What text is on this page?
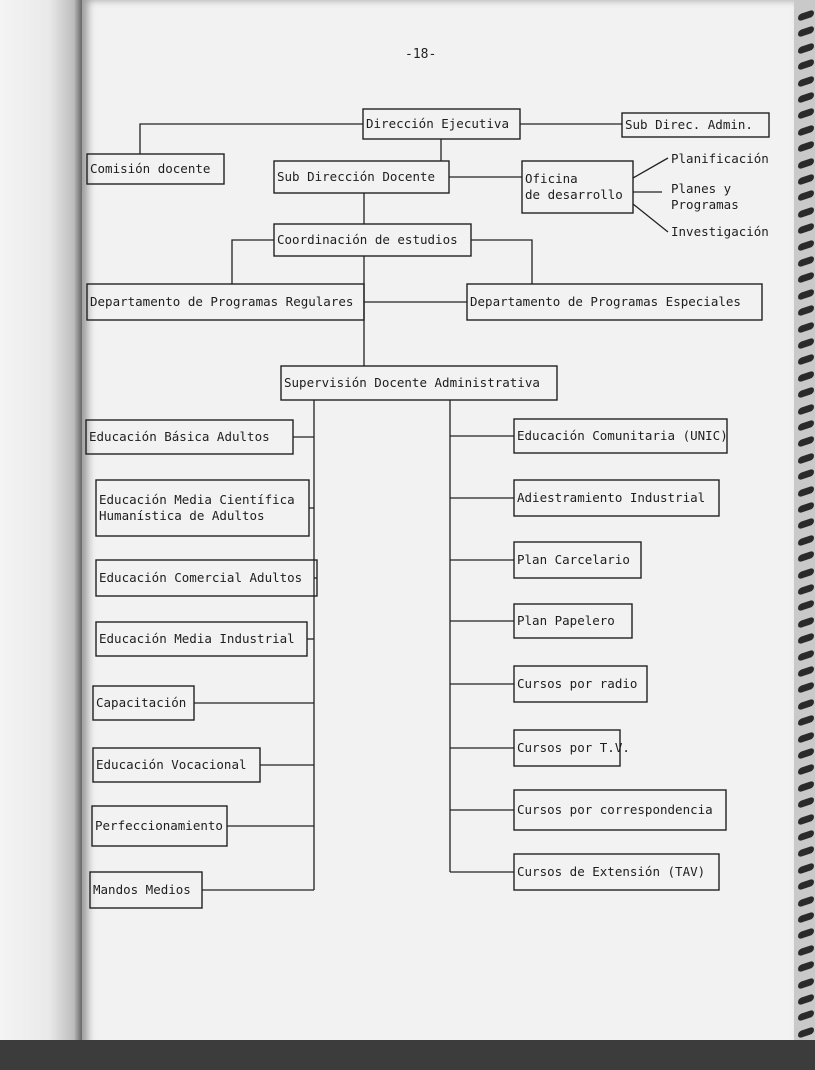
-18-
Dirección Ejecutiva	Sub Direc. Admin.
Comisión docente
Sub Dirección Docente	Oficina
de desarrollo
Coordinación de estudios
Departamento de Programas Regulares	Departamento de Programas Especiales
Supervisión Docente Administrativa
Planificación
Planes y
Programas
Investigación
Educación Básica Adultos
Educación Media Científica
Humanística de Adultos
Educación Comercial Adultos
Educación Media Industrial
Capacitación
Educación Vocacional
Perfeccionamiento
Mandos Medios
Educación Comunitaria (UNIC)
Adiestramiento Industrial
Plan Carcelario
Plan Papelero
Cursos por radio
Cursos por T.V.
Cursos por correspondencia
Cursos de Extensión (TAV)
